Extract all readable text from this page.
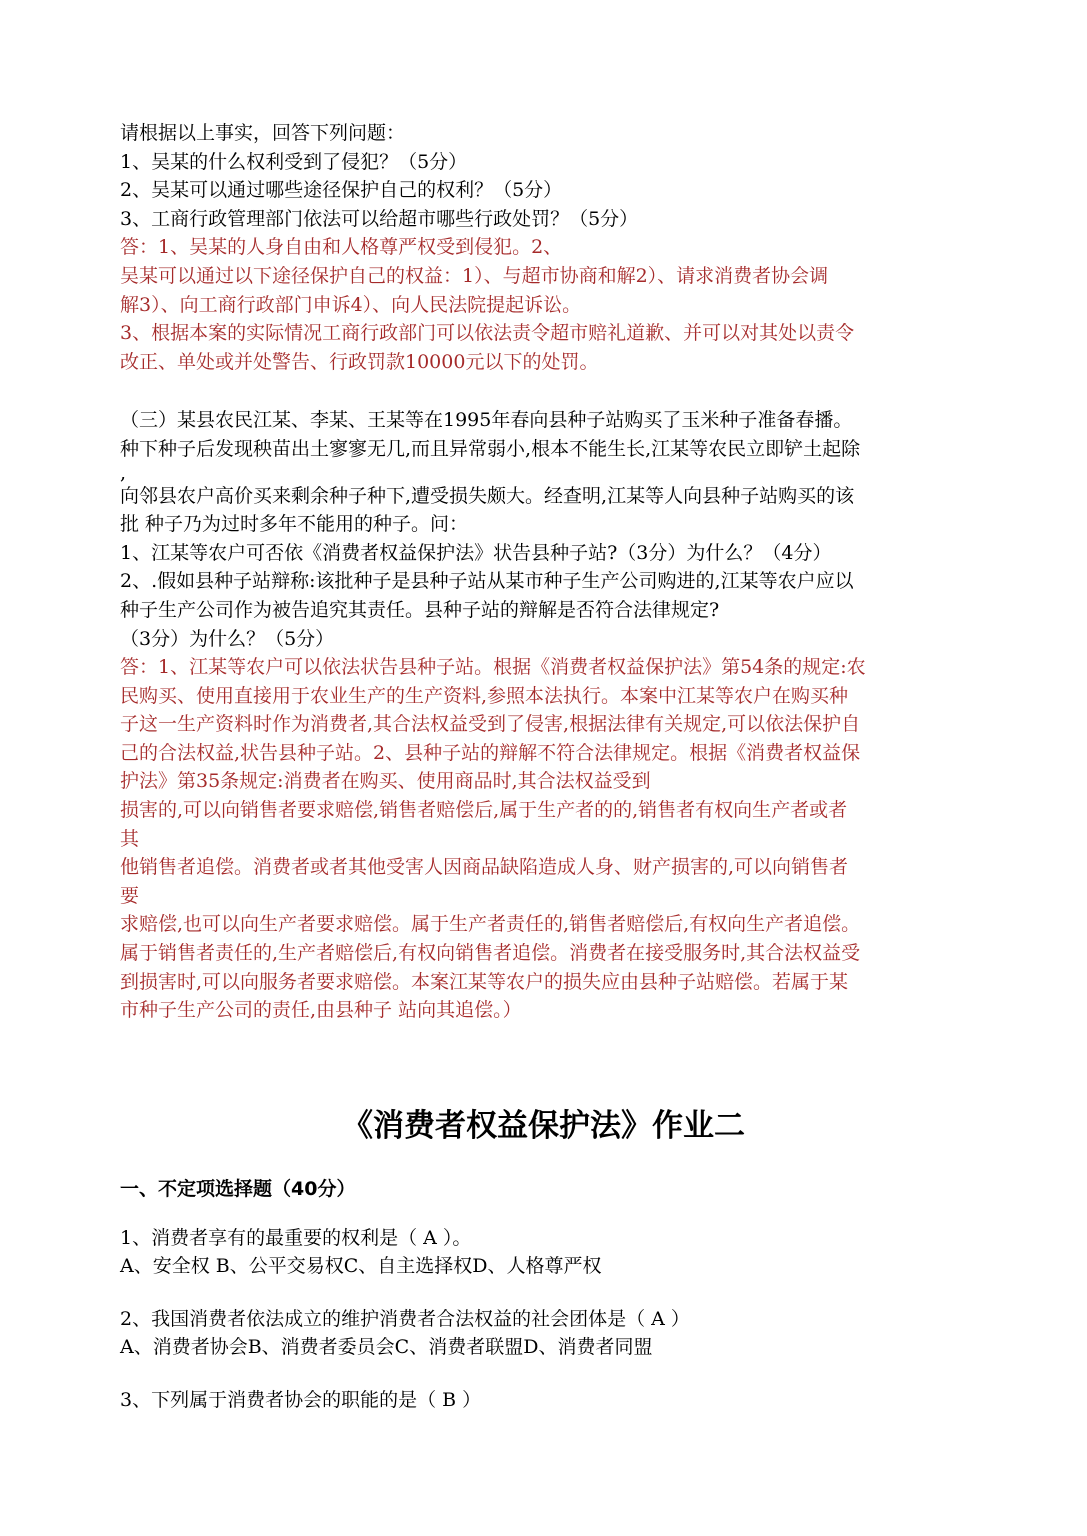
请根据以上事实，回答下列问题：
1、吴某的什么权利受到了侵犯？（5分）
2、吴某可以通过哪些途径保护自己的权利？（5分）
3、工商行政管理部门依法可以给超市哪些行政处罚？（5分）
答：1、吴某的人身自由和人格尊严权受到侵犯。2、
吴某可以通过以下途径保护自己的权益：1）、与超市协商和解2）、请求消费者协会调
解3）、向工商行政部门申诉4）、向人民法院提起诉讼。
3、根据本案的实际情况工商行政部门可以依法责令超市赔礼道歉、并可以对其处以责令
改正、单处或并处警告、行政罚款10000元以下的处罚。
（三）某县农民江某、李某、王某等在1995年春向县种子站购买了玉米种子准备春播。
种下种子后发现秧苗出土寥寥无几,而且异常弱小,根本不能生长,江某等农民立即铲土起除
,
向邻县农户高价买来剩余种子种下,遭受损失颇大。经查明,江某等人向县种子站购买的该
批 种子乃为过时多年不能用的种子。问：
1、江某等农户可否依《消费者权益保护法》状告县种子站?（3分）为什么？（4分）
2、.假如县种子站辩称:该批种子是县种子站从某市种子生产公司购进的,江某等农户应以
种子生产公司作为被告追究其责任。县种子站的辩解是否符合法律规定?
（3分）为什么？（5分）
答：1、江某等农户可以依法状告县种子站。根据《消费者权益保护法》第54条的规定:农
民购买、使用直接用于农业生产的生产资料,参照本法执行。本案中江某等农户在购买种
子这一生产资料时作为消费者,其合法权益受到了侵害,根据法律有关规定,可以依法保护自
己的合法权益,状告县种子站。2、县种子站的辩解不符合法律规定。根据《消费者权益保
护法》第35条规定:消费者在购买、使用商品时,其合法权益受到
损害的,可以向销售者要求赔偿,销售者赔偿后,属于生产者的的,销售者有权向生产者或者
其
他销售者追偿。消费者或者其他受害人因商品缺陷造成人身、财产损害的,可以向销售者
要
求赔偿,也可以向生产者要求赔偿。属于生产者责任的,销售者赔偿后,有权向生产者追偿。
属于销售者责任的,生产者赔偿后,有权向销售者追偿。消费者在接受服务时,其合法权益受
到损害时,可以向服务者要求赔偿。本案江某等农户的损失应由县种子站赔偿。若属于某
市种子生产公司的责任,由县种子 站向其追偿。）
《消费者权益保护法》作业二
一、不定项选择题（40分）
1、消费者享有的最重要的权利是（ A ）。
A、安全权 B、公平交易权C、自主选择权D、人格尊严权
2、我国消费者依法成立的维护消费者合法权益的社会团体是（ A ）
A、消费者协会B、消费者委员会C、消费者联盟D、消费者同盟
3、下列属于消费者协会的职能的是（ B ）
